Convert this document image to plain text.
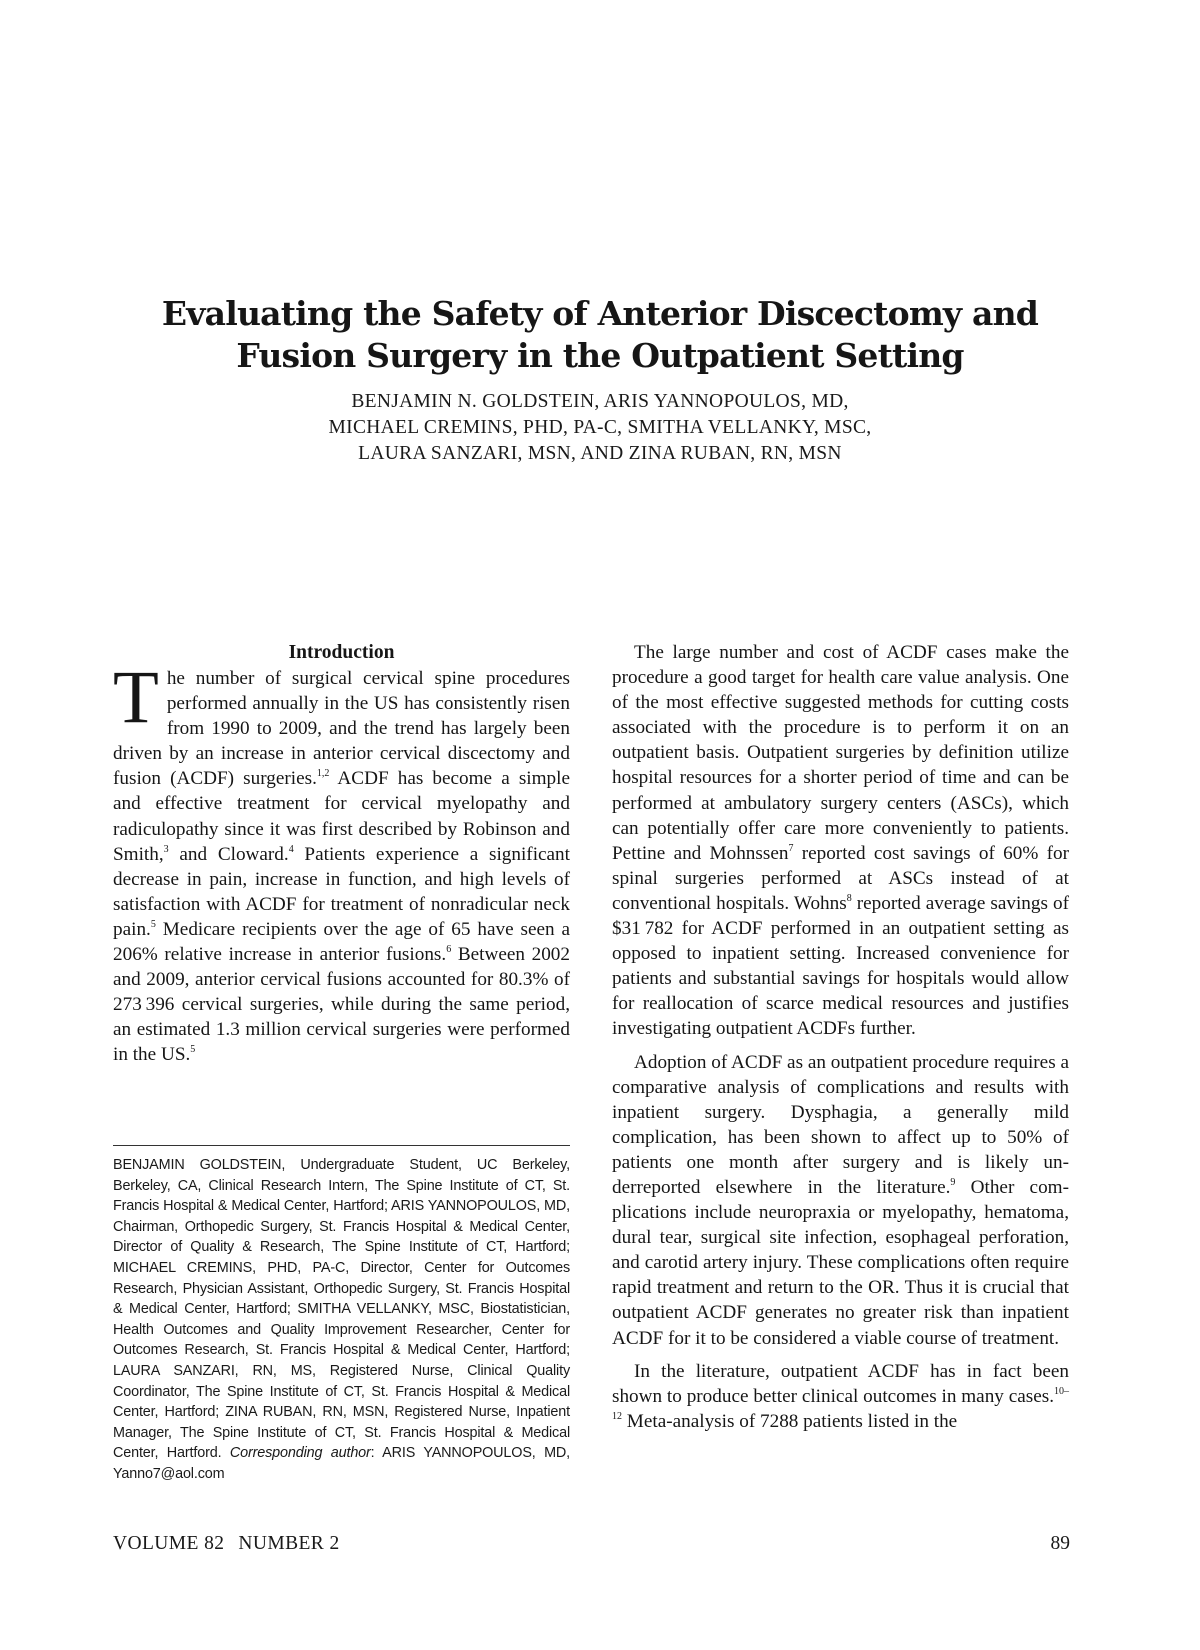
Evaluating the Safety of Anterior Discectomy and
Fusion Surgery in the Outpatient Setting
BENJAMIN N. GOLDSTEIN, ARIS YANNOPOULOS, MD,
MICHAEL CREMINS, PHD, PA-C, SMITHA VELLANKY, MSC,
LAURA SANZARI, MSN, AND ZINA RUBAN, RN, MSN
Introduction

The number of surgical cervical spine procedures performed annually in the US has consistently risen from 1990 to 2009, and the trend has largely been driven by an increase in anterior cervical discectomy and fusion (ACDF) surgeries.$^{1,2}$ ACDF has become a simple and effective treatment for cervical myelopathy and radiculopathy since it was first described by Robinson and Smith,$^3$ and Cloward.$^4$ Patients experience a significant decrease in pain, increase in function, and high levels of satisfaction with ACDF for treatment of nonradicular neck pain.$^5$ Medicare recipients over the age of 65 have seen a 206% relative increase in anterior fusions.$^6$ Between 2002 and 2009, anterior cervical fusions accounted for 80.3% of 273 396 cervical surgeries, while during the same period, an estimated 1.3 million cervical surgeries were performed in the US.$^5$

BENJAMIN GOLDSTEIN, Undergraduate Student, UC Berkeley, Berkeley, CA, Clinical Research Intern, The Spine Institute of CT, St. Francis Hospital & Medical Center, Hartford; ARIS YANNOPOULOS, MD, Chairman, Orthopedic Surgery, St. Francis Hospital & Medical Center, Director of Quality & Research, The Spine Institute of CT, Hartford; MICHAEL CREMINS, PHD, PA-C, Director, Center for Outcomes Research, Physician Assistant, Orthopedic Surgery, St. Francis Hospital & Medical Center, Hartford; SMITHA VELLANKY, MSC, Biostatistician, Health Outcomes and Quality Improvement Researcher, Center for Outcomes Research, St. Francis Hospital & Medical Center, Hartford; LAURA SANZARI, RN, MS, Registered Nurse, Clinical Quality Coordinator, The Spine Institute of CT, St. Francis Hospital & Medical Center, Hartford; ZINA RUBAN, RN, MSN, Registered Nurse, Inpatient Manager, The Spine Institute of CT, St. Francis Hospital & Medical Center, Hartford. Corresponding author: ARIS YANNOPOULOS, MD, Yanno7@aol.com

The large number and cost of ACDF cases make the procedure a good target for health care value analysis. One of the most effective suggested methods for cutting costs associated with the procedure is to perform it on an outpatient basis. Outpatient surgeries by definition utilize hospital resources for a shorter period of time and can be performed at ambulatory surgery centers (ASCs), which can potentially offer care more conveniently to patients. Pettine and Mohnssen$^7$ reported cost savings of 60% for spinal surgeries performed at ASCs instead of at conventional hospitals. Wohns$^8$ reported average savings of $31 782 for ACDF performed in an outpatient setting as opposed to inpatient setting. Increased convenience for patients and substantial savings for hospitals would allow for reallocation of scarce medical resources and justifies investigating outpatient ACDFs further.

Adoption of ACDF as an outpatient procedure requires a comparative analysis of complications and results with inpatient surgery. Dysphagia, a generally mild complication, has been shown to affect up to 50% of patients one month after surgery and is likely underreported elsewhere in the literature.$^9$ Other complications include neuropraxia or myelopathy, hematoma, dural tear, surgical site infection, esophageal perforation, and carotid artery injury. These complications often require rapid treatment and return to the OR. Thus it is crucial that outpatient ACDF generates no greater risk than inpatient ACDF for it to be considered a viable course of treatment.

In the literature, outpatient ACDF has in fact been shown to produce better clinical outcomes in many cases.$^{10-12}$ Meta-analysis of 7288 patients listed in the

VOLUME 82 NUMBER 2	89
